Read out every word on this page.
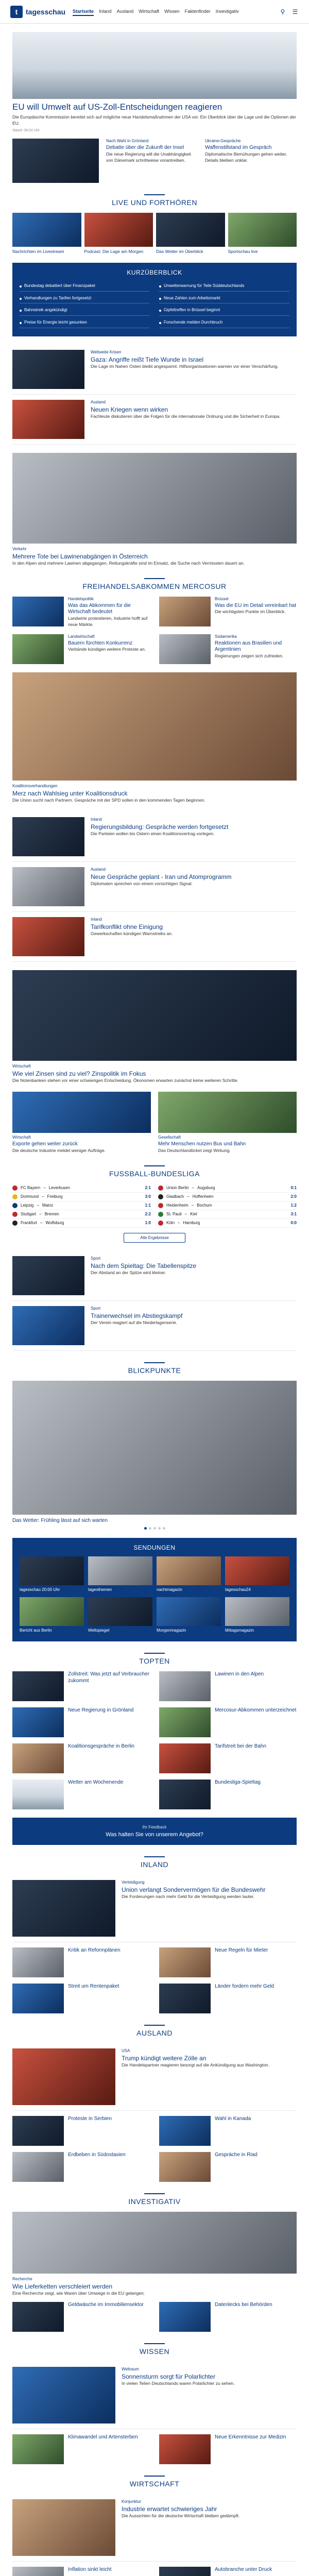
t	tagesschau Startseite Inland Ausland Wirtschaft Wissen Faktenfinder Investigativ	⚲ ☰
EU will Umwelt auf US-Zoll-Entscheidungen reagieren
Die Europäische Kommission bereitet sich auf mögliche neue Handelsmaßnahmen der USA vor. Ein Überblick über die Lage und die Optionen der EU.
Stand: 09:24 Uhr
Nach Wahl in Grönland
Debatte über die Zukunft der Insel
Die neue Regierung will die Unabhängigkeit von Dänemark schrittweise vorantreiben.
Ukraine-Gespräche
Waffenstillstand im Gespräch
Diplomatische Bemühungen gehen weiter, Details bleiben unklar.
LIVE UND FORTHÖREN
Nachrichten im Livestream	Podcast: Die Lage am Morgen	Das Wetter im Überblick	Sportschau live
KURZÜBERBLICK
Bundestag debattiert über Finanzpaket	Unwetterwarnung für Teile Süddeutschlands
Verhandlungen zu Tarifen fortgesetzt	Neue Zahlen zum Arbeitsmarkt
Bahnstreik angekündigt	Gipfeltreffen in Brüssel beginnt
Preise für Energie leicht gesunken	Forschende melden Durchbruch
Weltweite Krisen
Gaza: Angriffe reißt Tiefe Wunde in Israel
Die Lage im Nahen Osten bleibt angespannt. Hilfsorganisationen warnen vor einer Verschärfung.
Ausland
Neuen Kriegen wenn wirken
Fachleute diskutieren über die Folgen für die internationale Ordnung und die Sicherheit in Europa.
Verkehr
Mehrere Tote bei Lawinenabgängen in Österreich
In den Alpen sind mehrere Lawinen abgegangen. Rettungskräfte sind im Einsatz, die Suche nach Vermissten dauert an.
FREIHANDELSABKOMMEN MERCOSUR
Handelspolitik
Was das Abkommen für die Wirtschaft bedeutet
Landwirte protestieren, Industrie hofft auf neue Märkte.
Brüssel
Was die EU im Detail vereinbart hat
Die wichtigsten Punkte im Überblick.
Landwirtschaft
Bauern fürchten Konkurrenz
Verbände kündigen weitere Proteste an.
Südamerika
Reaktionen aus Brasilien und Argentinien
Regierungen zeigen sich zufrieden.
Koalitionsverhandlungen
Merz nach Wahlsieg unter Koalitionsdruck
Die Union sucht nach Partnern. Gespräche mit der SPD sollen in den kommenden Tagen beginnen.
Inland
Regierungsbildung: Gespräche werden fortgesetzt
Die Parteien wollen bis Ostern einen Koalitionsvertrag vorlegen.
Ausland
Neue Gespräche geplant - Iran und Atomprogramm
Diplomaten sprechen von einem vorsichtigen Signal.
Inland
Tarifkonflikt ohne Einigung
Gewerkschaften kündigen Warnstreiks an.
Wirtschaft
Wie viel Zinsen sind zu viel? Zinspolitik im Fokus
Die Notenbanken stehen vor einer schwierigen Entscheidung. Ökonomen erwarten zunächst keine weiteren Schritte.
Wirtschaft
Exporte gehen weiter zurück
Die deutsche Industrie meldet weniger Aufträge.
Gesellschaft
Mehr Menschen nutzen Bus und Bahn
Das Deutschlandticket zeigt Wirkung.
FUSSBALL-BUNDESLIGA
FC Bayern – Leverkusen	2:1
Dortmund – Freiburg	3:0
Leipzig – Mainz	1:1
Stuttgart – Bremen	2:2
Frankfurt – Wolfsburg	1:0
Union Berlin – Augsburg	0:1
Gladbach – Hoffenheim	2:0
Heidenheim – Bochum	1:2
St. Pauli – Kiel	3:1
Köln – Hamburg	0:0
Alle Ergebnisse
Sport
Nach dem Spieltag: Die Tabellenspitze
Der Abstand an der Spitze wird kleiner.
Sport
Trainerwechsel im Abstiegskampf
Der Verein reagiert auf die Niederlagenserie.
BLICKPUNKTE
Das Wetter: Frühling lässt auf sich warten
SENDUNGEN
tagesschau 20:00 Uhr	tagesthemen	nachtmagazin	tagesschau24
Bericht aus Berlin	Weltspiegel	Morgenmagazin	Mittagsmagazin
TOPTEN
Zollstreit: Was jetzt auf Verbraucher zukommt
Lawinen in den Alpen
Neue Regierung in Grönland	Mercosur-Abkommen unterzeichnet
Koalitionsgespräche in Berlin	Tarifstreit bei der Bahn
Wetter am Wochenende	Bundesliga-Spieltag
Ihr Feedback
Was halten Sie von unserem Angebot?
INLAND
Verteidigung
Union verlangt Sondervermögen für die Bundeswehr
Die Forderungen nach mehr Geld für die Verteidigung werden lauter.
Kritik an Reformplänen	Neue Regeln für Mieter
Streit um Rentenpaket	Länder fordern mehr Geld
AUSLAND
USA
Trump kündigt weitere Zölle an
Die Handelspartner reagieren besorgt auf die Ankündigung aus Washington.
Proteste in Serbien	Wahl in Kanada
Erdbeben in Südostasien	Gespräche in Riad
INVESTIGATIV
Recherche
Wie Lieferketten verschleiert werden
Eine Recherche zeigt, wie Waren über Umwege in die EU gelangen.
Geldwäsche im Immobiliensektor	Datenlecks bei Behörden
WISSEN
Weltraum
Sonnensturm sorgt für Polarlichter
In vielen Teilen Deutschlands waren Polarlichter zu sehen.
Klimawandel und Artensterben	Neue Erkenntnisse zur Medizin
WIRTSCHAFT
Konjunktur
Industrie erwartet schwieriges Jahr
Die Aussichten für die deutsche Wirtschaft bleiben gedämpft.
Inflation sinkt leicht	Autobranche unter Druck
